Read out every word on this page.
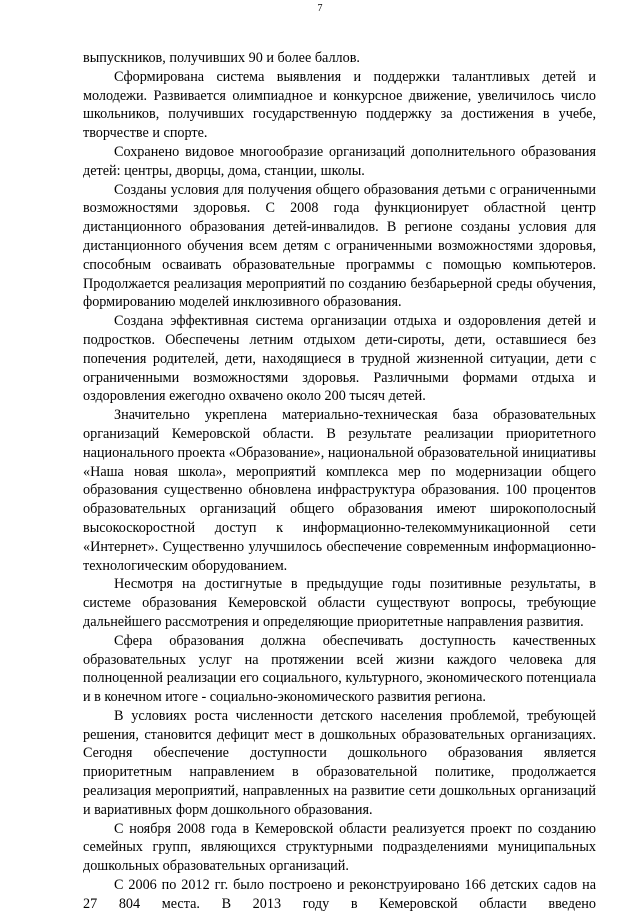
7

выпускников, получивших 90 и более баллов.

Сформирована система выявления и поддержки талантливых детей и молодежи. Развивается олимпиадное и конкурсное движение, увеличилось число школьников, получивших государственную поддержку за достижения в учебе, творчестве и спорте.

Сохранено видовое многообразие организаций дополнительного образования детей: центры, дворцы, дома, станции, школы.

Созданы условия для получения общего образования детьми с ограниченными возможностями здоровья. С 2008 года функционирует областной центр дистанционного образования детей-инвалидов. В регионе созданы условия для дистанционного обучения всем детям с ограниченными возможностями здоровья, способным осваивать образовательные программы с помощью компьютеров. Продолжается реализация мероприятий по созданию безбарьерной среды обучения, формированию моделей инклюзивного образования.

Создана эффективная система организации отдыха и оздоровления детей и подростков. Обеспечены летним отдыхом дети-сироты, дети, оставшиеся без попечения родителей, дети, находящиеся в трудной жизненной ситуации, дети с ограниченными возможностями здоровья. Различными формами отдыха и оздоровления ежегодно охвачено около 200 тысяч детей.

Значительно укреплена материально-техническая база образовательных организаций Кемеровской области. В результате реализации приоритетного национального проекта «Образование», национальной образовательной инициативы «Наша новая школа», мероприятий комплекса мер по модернизации общего образования существенно обновлена инфраструктура образования. 100 процентов образовательных организаций общего образования имеют широкополосный высокоскоростной доступ к информационно-телекоммуникационной сети «Интернет». Существенно улучшилось обеспечение современным информационно-технологическим оборудованием.

Несмотря на достигнутые в предыдущие годы позитивные результаты, в системе образования Кемеровской области существуют вопросы, требующие дальнейшего рассмотрения и определяющие приоритетные направления развития.

Сфера образования должна обеспечивать доступность качественных образовательных услуг на протяжении всей жизни каждого человека для полноценной реализации его социального, культурного, экономического потенциала и в конечном итоге - социально-экономического развития региона.

В условиях роста численности детского населения проблемой, требующей решения, становится дефицит мест в дошкольных образовательных организациях. Сегодня обеспечение доступности дошкольного образования является приоритетным направлением в образовательной политике, продолжается реализация мероприятий, направленных на развитие сети дошкольных организаций и вариативных форм дошкольного образования.

С ноября 2008 года в Кемеровской области реализуется проект по созданию семейных групп, являющихся структурными подразделениями муниципальных дошкольных образовательных организаций.

С 2006 по 2012 гг. было построено и реконструировано 166 детских садов на 27 804 места. В 2013 году в Кемеровской области введено
